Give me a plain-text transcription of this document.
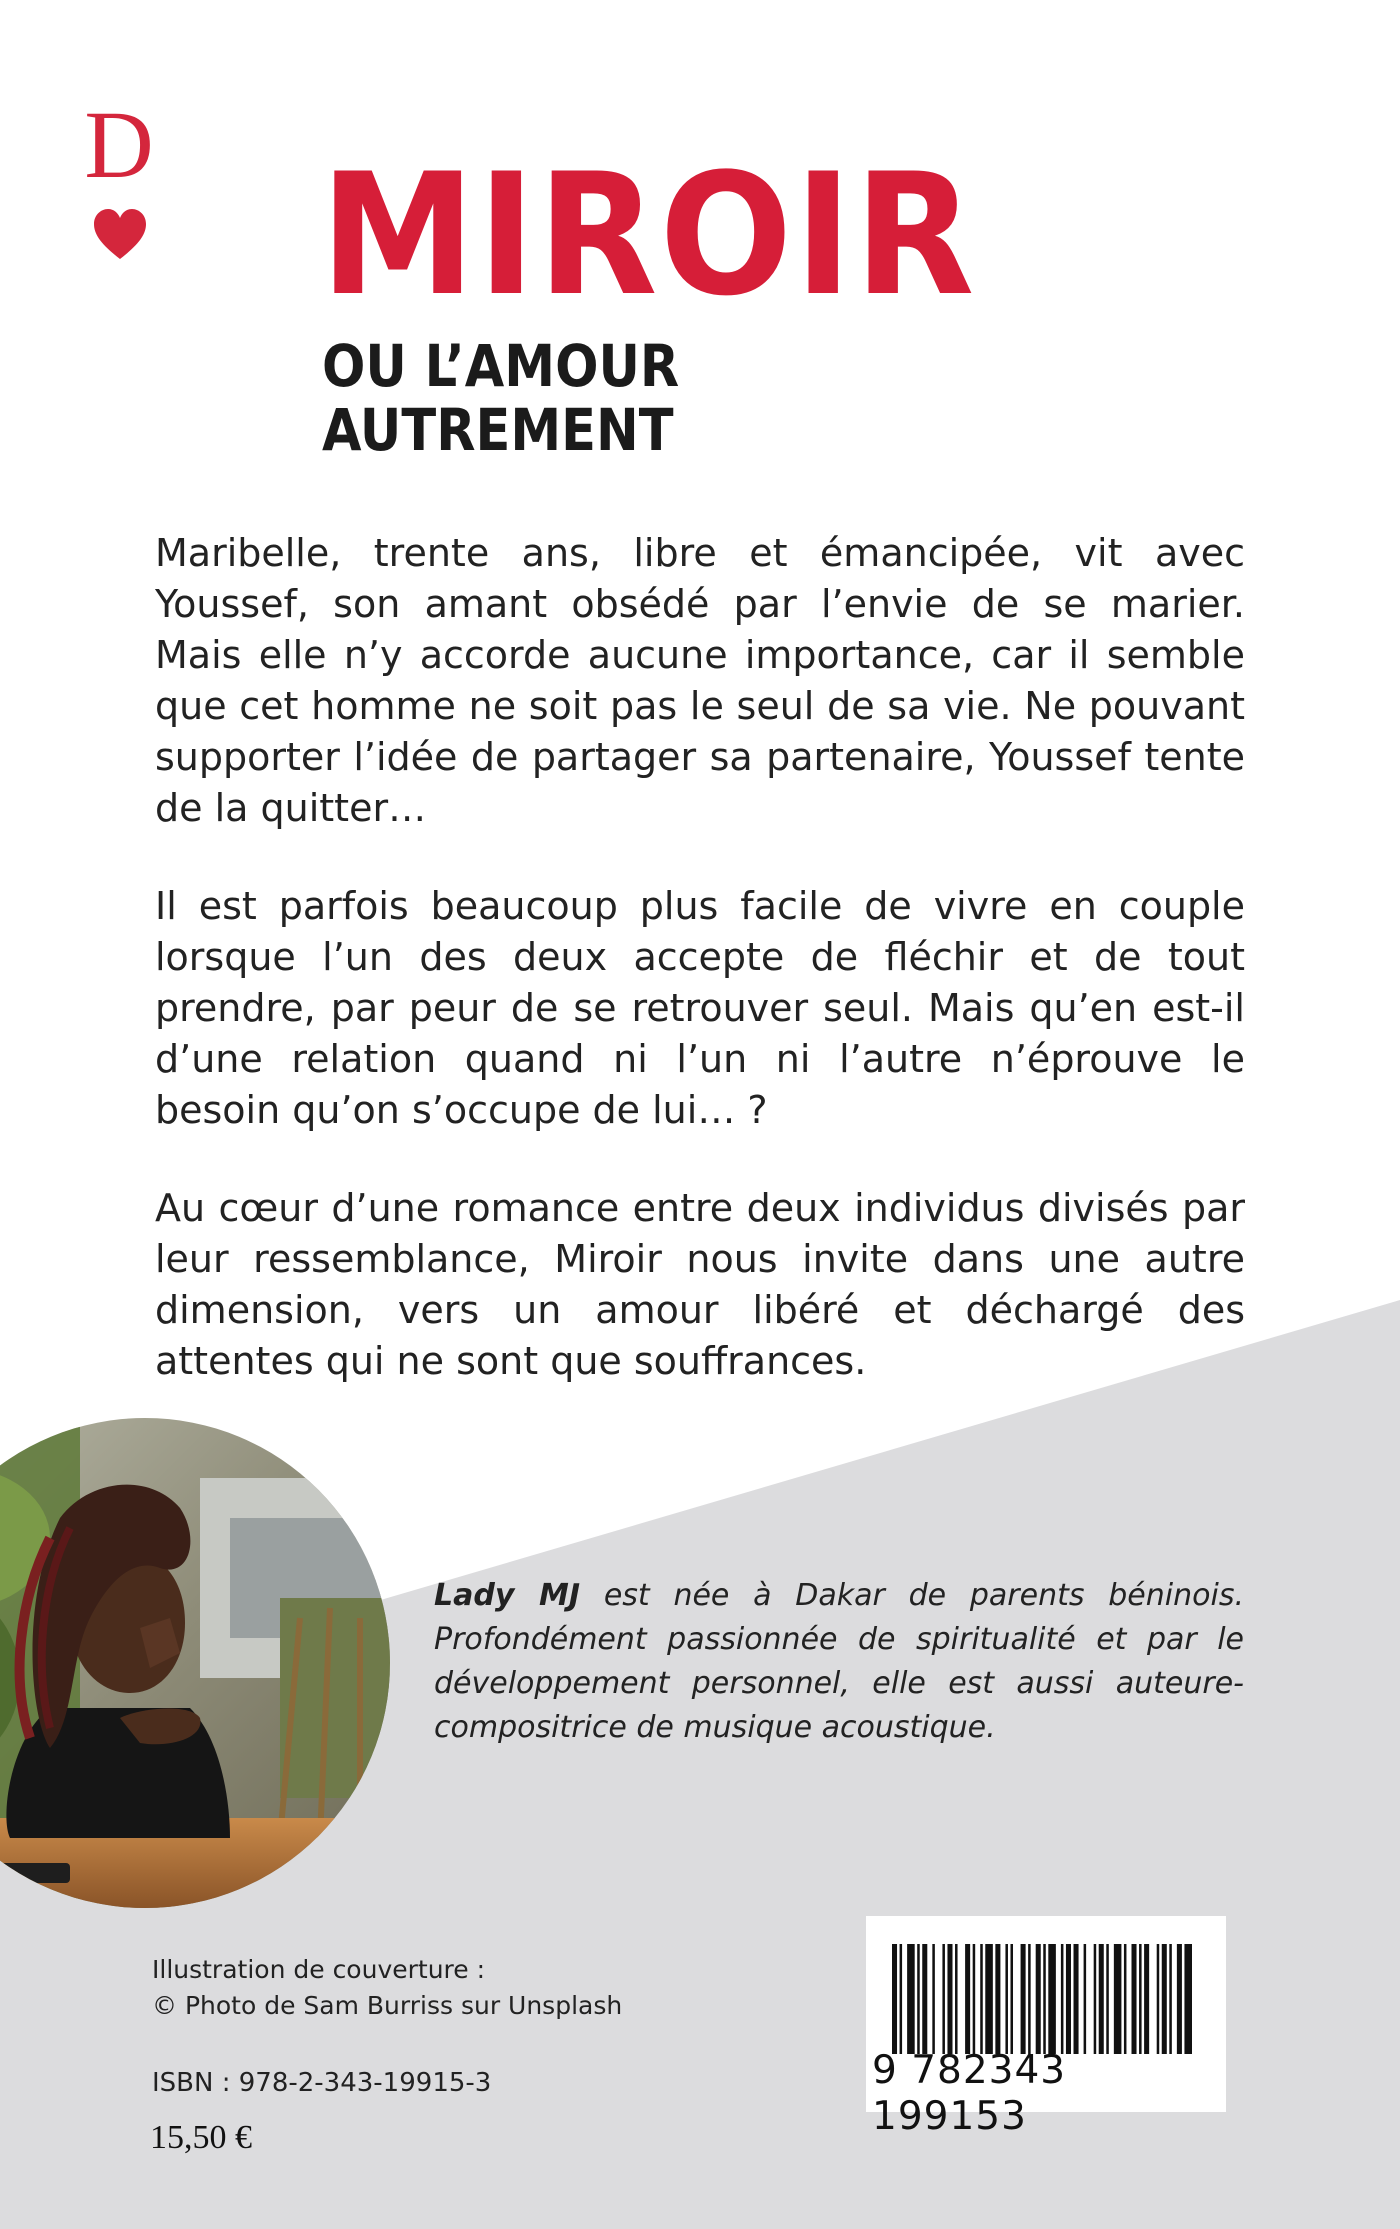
D MIROIR
OU L’AMOUR AUTREMENT

Maribelle, trente ans, libre et émancipée, vit avec Youssef, son amant obsédé par l’envie de se marier. Mais elle n’y accorde aucune importance, car il semble que cet homme ne soit pas le seul de sa vie. Ne pouvant supporter l’idée de partager sa partenaire, Youssef tente de la quitter…

Il est parfois beaucoup plus facile de vivre en couple lorsque l’un des deux accepte de fléchir et de tout prendre, par peur de se retrouver seul. Mais qu’en est-il d’une relation quand ni l’un ni l’autre n’éprouve le besoin qu’on s’occupe de lui… ?

Au cœur d’une romance entre deux individus divisés par leur ressemblance, Miroir nous invite dans une autre dimension, vers un amour libéré et déchargé des attentes qui ne sont que souffrances.

Lady MJ est née à Dakar de parents béninois. Profondément passionnée de spiritualité et par le développement personnel, elle est aussi auteure-compositrice de musique acoustique.
Illustration de couverture :
© Photo de Sam Burriss sur Unsplash
ISBN : 978-2-343-19915-3
15,50 €
9 782343 199153
